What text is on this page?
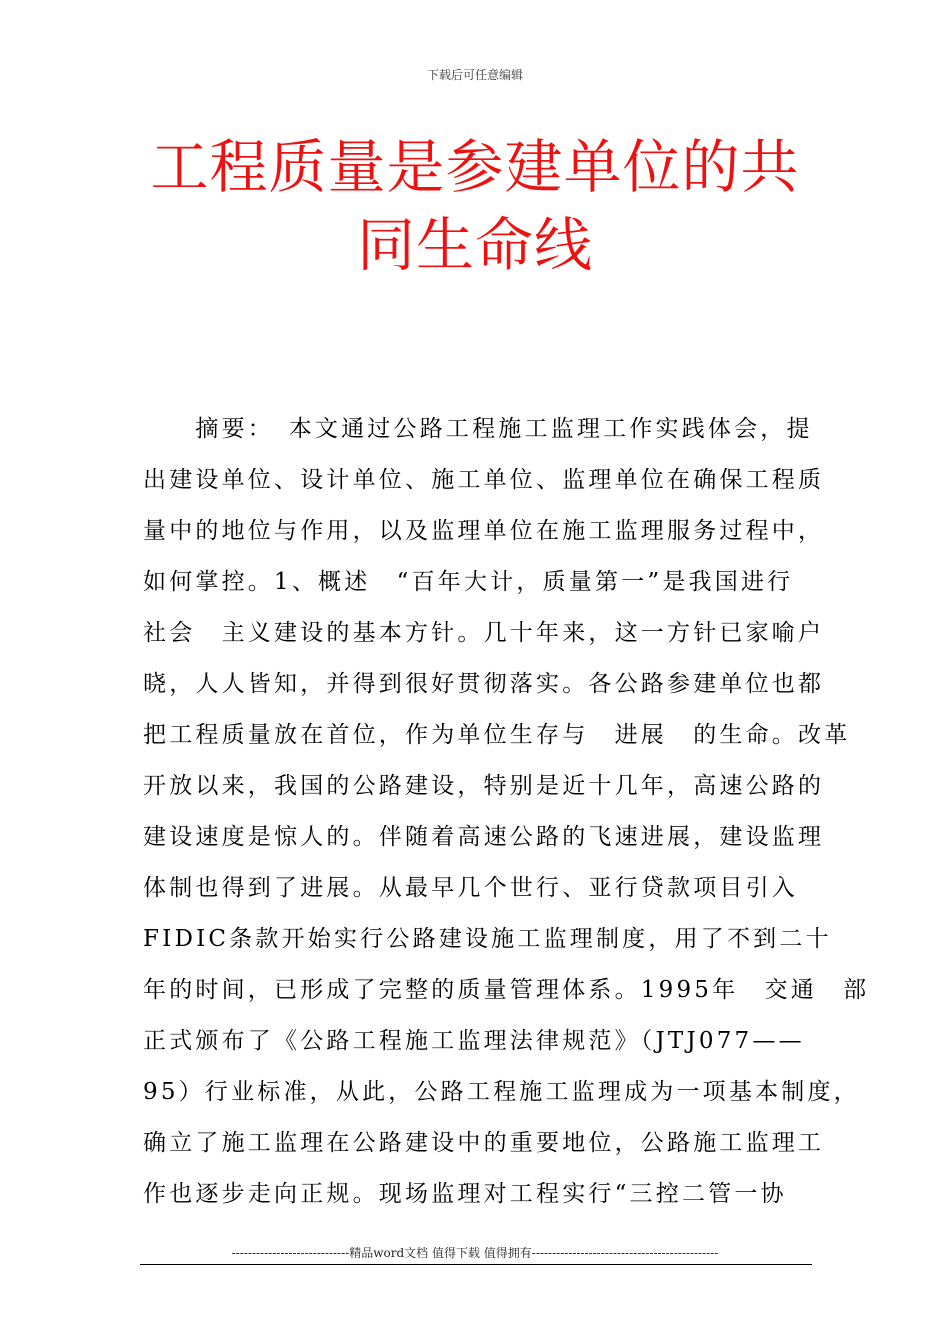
下载后可任意编辑
工程质量是参建单位的共
同生命线
　　摘要：　本文通过公路工程施工监理工作实践体会，提
出建设单位、设计单位、施工单位、监理单位在确保工程质
量中的地位与作用，以及监理单位在施工监理服务过程中，
如何掌控。1、概述　“百年大计，质量第一”是我国进行
社会　主义建设的基本方针。几十年来，这一方针已家喻户
晓，人人皆知，并得到很好贯彻落实。各公路参建单位也都
把工程质量放在首位，作为单位生存与　进展　的生命。改革
开放以来，我国的公路建设，特别是近十几年，高速公路的
建设速度是惊人的。伴随着高速公路的飞速进展，建设监理
体制也得到了进展。从最早几个世行、亚行贷款项目引入
FIDIC条款开始实行公路建设施工监理制度，用了不到二十
年的时间，已形成了完整的质量管理体系。1995年　交通　部
正式颁布了《公路工程施工监理法律规范》（JTJ077——
95）行业标准，从此，公路工程施工监理成为一项基本制度，
确立了施工监理在公路建设中的重要地位，公路施工监理工
作也逐步走向正规。现场监理对工程实行“三控二管一协
-----------------------------精品word文档 值得下载 值得拥有----------------------------------------------
